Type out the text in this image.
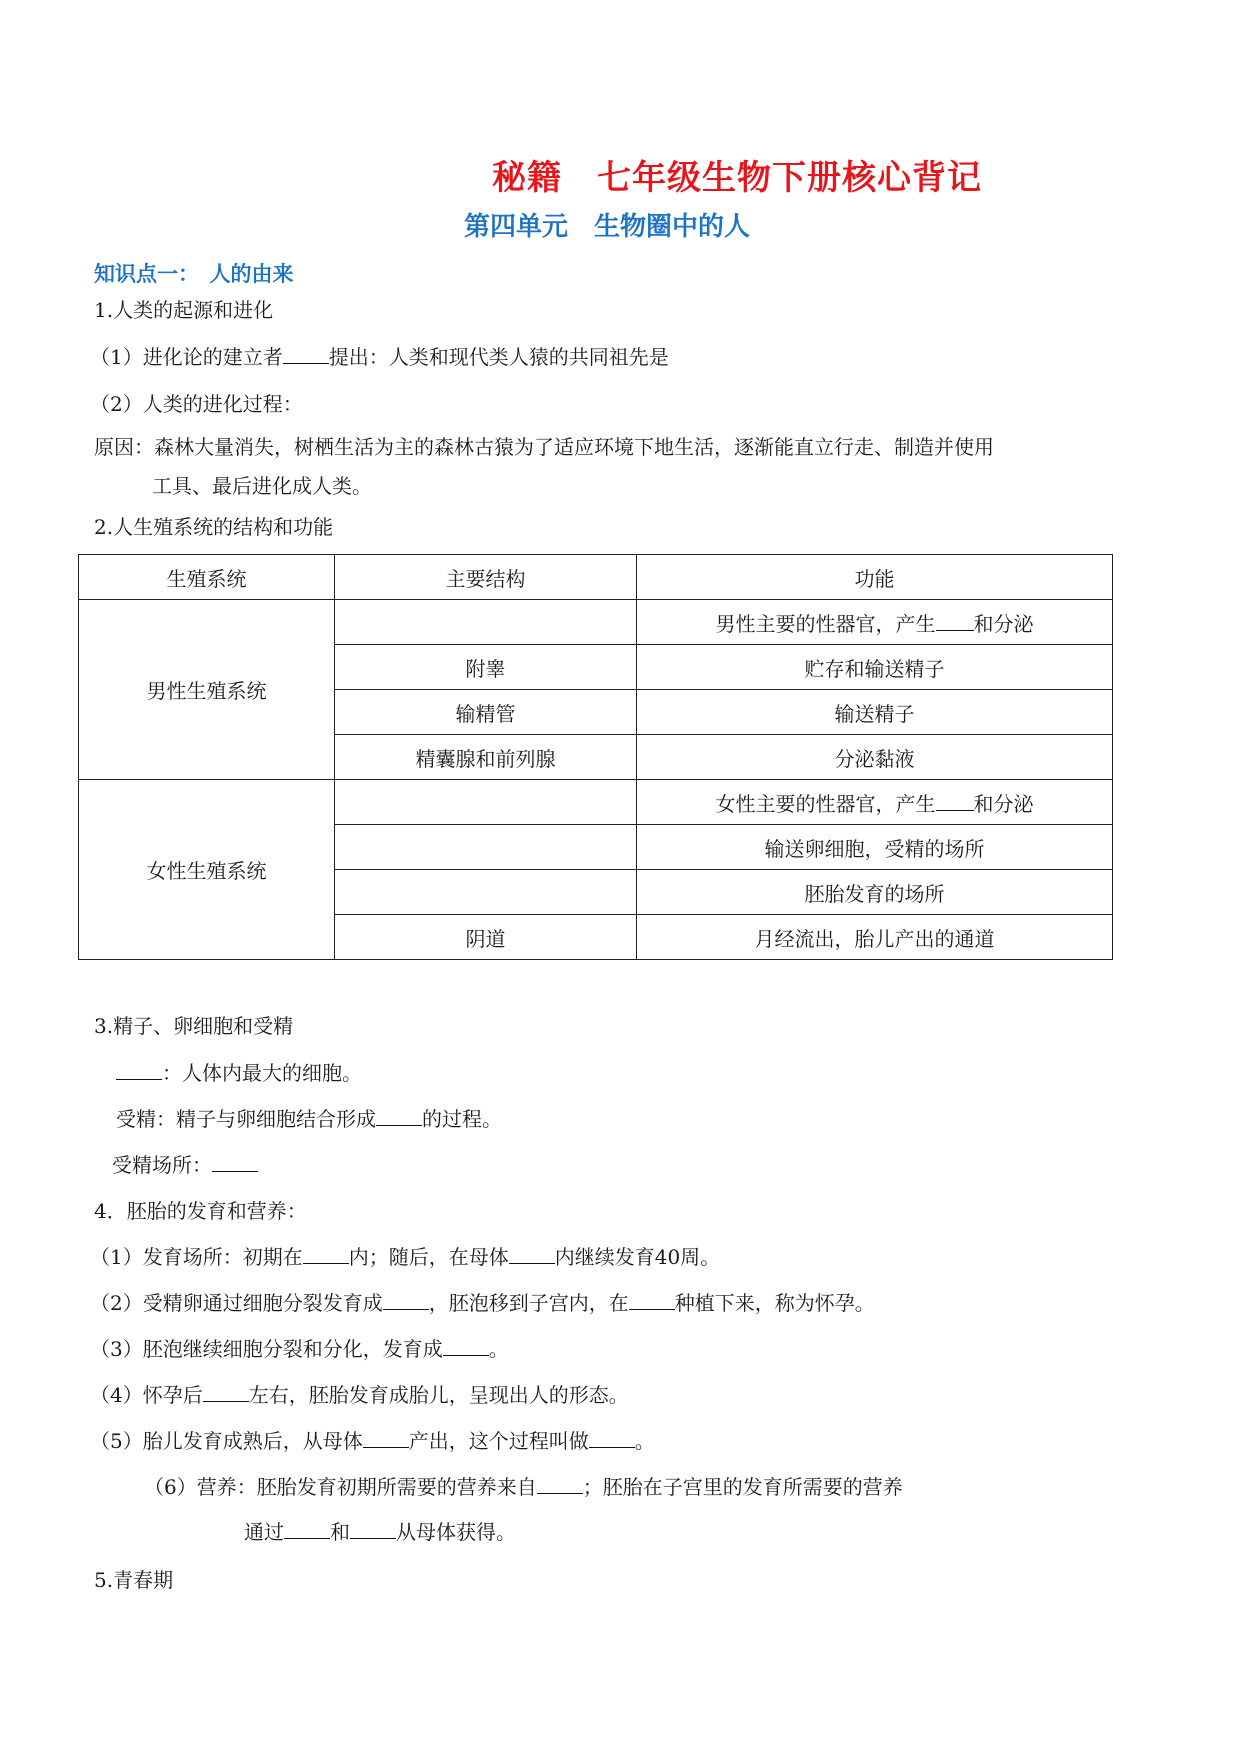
秘籍　七年级生物下册核心背记
第四单元　生物圈中的人
知识点一：　人的由来
1.人类的起源和进化
（1）进化论的建立者 提出：人类和现代类人猿的共同祖先是
（2）人类的进化过程：
原因：森林大量消失，树栖生活为主的森林古猿为了适应环境下地生活，逐渐能直立行走、制造并使用
工具、最后进化成人类。
2.人生殖系统的结构和功能
生殖系统	主要结构	功能
男性生殖系统		男性主要的性器官，产生 和分泌
	附睾	贮存和输送精子
	输精管	输送精子
	精囊腺和前列腺	分泌黏液
女性生殖系统		女性主要的性器官，产生 和分泌
		输送卵细胞，受精的场所
		胚胎发育的场所
	阴道	月经流出，胎儿产出的通道
3.精子、卵细胞和受精
：人体内最大的细胞。
受精：精子与卵细胞结合形成 的过程。
受精场所：
4．胚胎的发育和营养：
（1）发育场所：初期在 内；随后，在母体 内继续发育40周。
（2）受精卵通过细胞分裂发育成 ，胚泡移到子宫内，在 种植下来，称为怀孕。
（3）胚泡继续细胞分裂和分化，发育成 。
（4）怀孕后 左右，胚胎发育成胎儿，呈现出人的形态。
（5）胎儿发育成熟后，从母体 产出，这个过程叫做 。
（6）营养：胚胎发育初期所需要的营养来自 ；胚胎在子宫里的发育所需要的营养
通过 和 从母体获得。
5.青春期
